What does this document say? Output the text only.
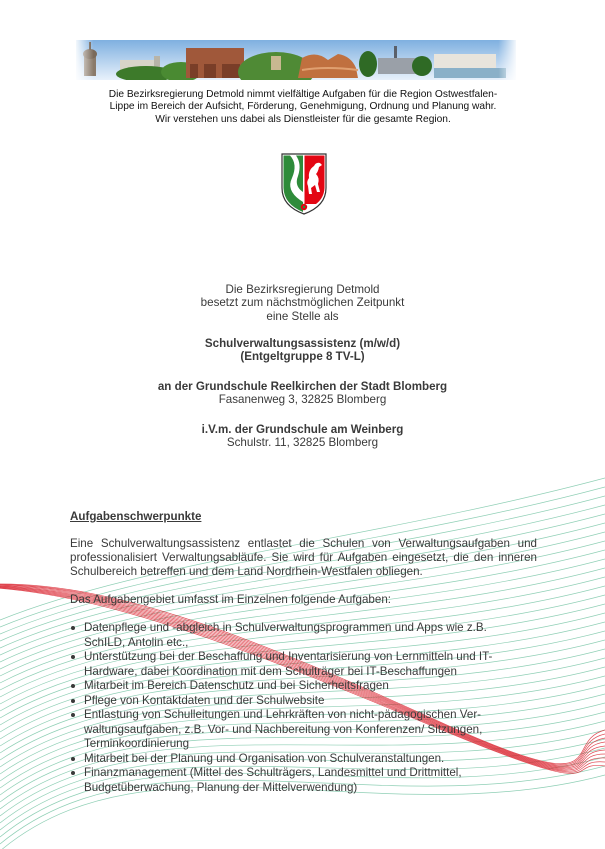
Die Bezirksregierung Detmold nimmt vielfältige Aufgaben für die Region Ostwestfalen-
Lippe im Bereich der Aufsicht, Förderung, Genehmigung, Ordnung und Planung wahr.
Wir verstehen uns dabei als Dienstleister für die gesamte Region.
Die Bezirksregierung Detmold
besetzt zum nächstmöglichen Zeitpunkt
eine Stelle als
Schulverwaltungsassistenz (m/w/d)
(Entgeltgruppe 8 TV-L)
an der Grundschule Reelkirchen der Stadt Blomberg
Fasanenweg 3, 32825 Blomberg
i.V.m. der Grundschule am Weinberg
Schulstr. 11, 32825 Blomberg
Aufgabenschwerpunkte
Eine Schulverwaltungsassistenz entlastet die Schulen von Verwaltungsaufgaben und professionalisiert Verwaltungsabläufe. Sie wird für Aufgaben eingesetzt, die den inneren Schulbereich betreffen und dem Land Nordrhein-Westfalen obliegen.
Das Aufgabengebiet umfasst im Einzelnen folgende Aufgaben:
Datenpflege und -abgleich in Schulverwaltungsprogrammen und Apps wie z.B.
SchILD, Antolin etc.,
Unterstützung bei der Beschaffung und Inventarisierung von Lernmitteln und IT-
Hardware, dabei Koordination mit dem Schulträger bei IT-Beschaffungen
Mitarbeit im Bereich Datenschutz und bei Sicherheitsfragen
Pflege von Kontaktdaten und der Schulwebsite
Entlastung von Schulleitungen und Lehrkräften von nicht-pädagogischen Ver-
waltungsaufgaben, z.B. Vor- und Nachbereitung von Konferenzen/ Sitzungen,
Terminkoordinierung
Mitarbeit bei der Planung und Organisation von Schulveranstaltungen.
Finanzmanagement (Mittel des Schulträgers, Landesmittel und Drittmittel,
Budgetüberwachung, Planung der Mittelverwendung)
